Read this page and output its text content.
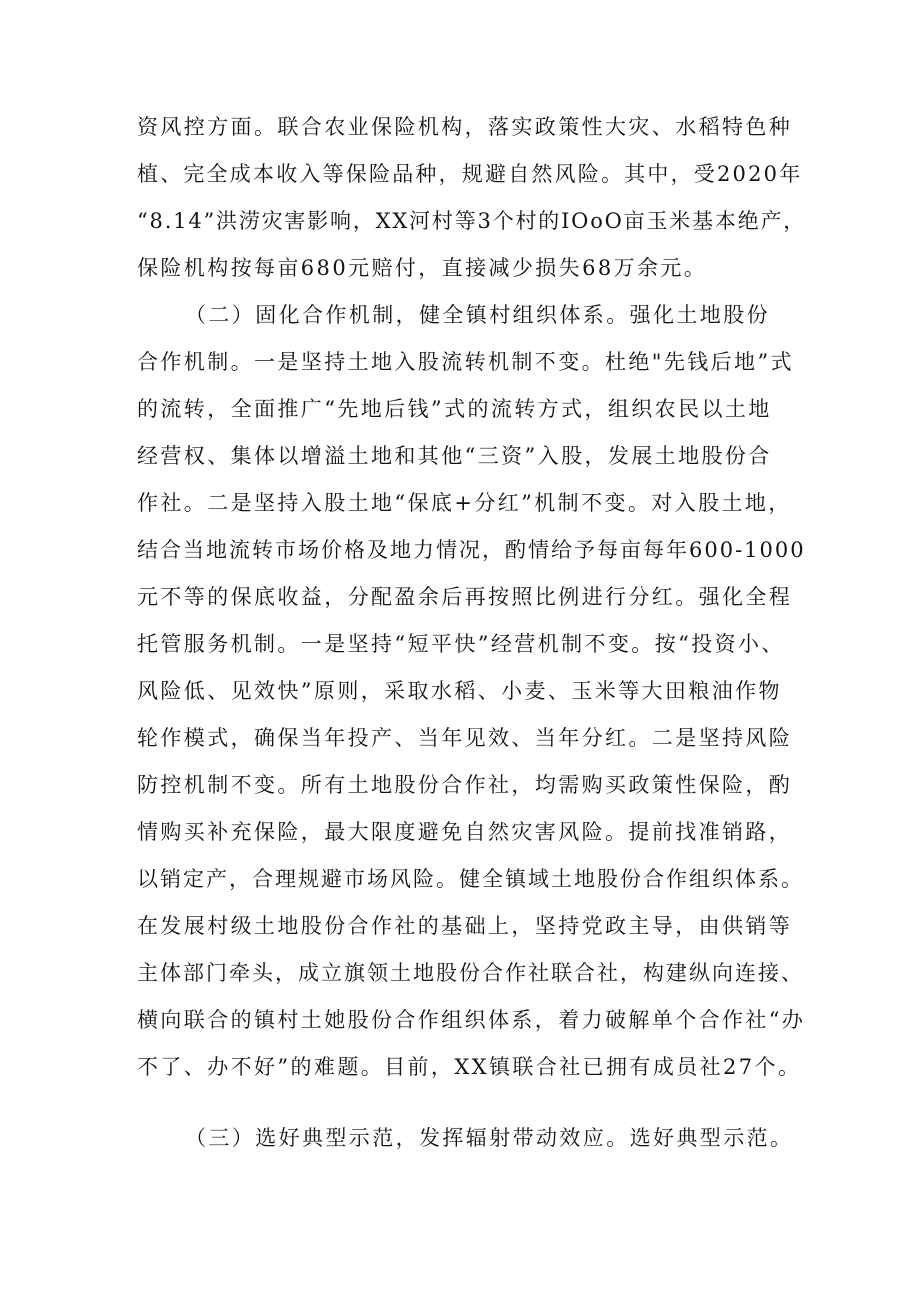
资风控方面。联合农业保险机构，落实政策性大灾、水稻特色种
植、完全成本收入等保险品种，规避自然风险。其中，受2020年
“8.14”洪涝灾害影响，XX河村等3个村的IOoO亩玉米基本绝产，
保险机构按每亩680元赔付，直接减少损失68万余元。
（二）固化合作机制，健全镇村组织体系。强化土地股份
合作机制。一是坚持土地入股流转机制不变。杜绝"先钱后地”式
的流转，全面推广“先地后钱”式的流转方式，组织农民以土地
经营权、集体以增溢土地和其他“三资”入股，发展土地股份合
作社。二是坚持入股土地“保底+分红”机制不变。对入股土地，
结合当地流转市场价格及地力情况，酌情给予每亩每年600-1000
元不等的保底收益，分配盈余后再按照比例进行分红。强化全程
托管服务机制。一是坚持“短平快”经营机制不变。按“投资小、
风险低、见效快”原则，采取水稻、小麦、玉米等大田粮油作物
轮作模式，确保当年投产、当年见效、当年分红。二是坚持风险
防控机制不变。所有土地股份合作社，均需购买政策性保险，酌
情购买补充保险，最大限度避免自然灾害风险。提前找准销路，
以销定产，合理规避市场风险。健全镇域土地股份合作组织体系。
在发展村级土地股份合作社的基础上，坚持党政主导，由供销等
主体部门牵头，成立旗领土地股份合作社联合社，构建纵向连接、
横向联合的镇村土她股份合作组织体系，着力破解单个合作社“办
不了、办不好”的难题。目前，XX镇联合社已拥有成员社27个。
（三）选好典型示范，发挥辐射带动效应。选好典型示范。
